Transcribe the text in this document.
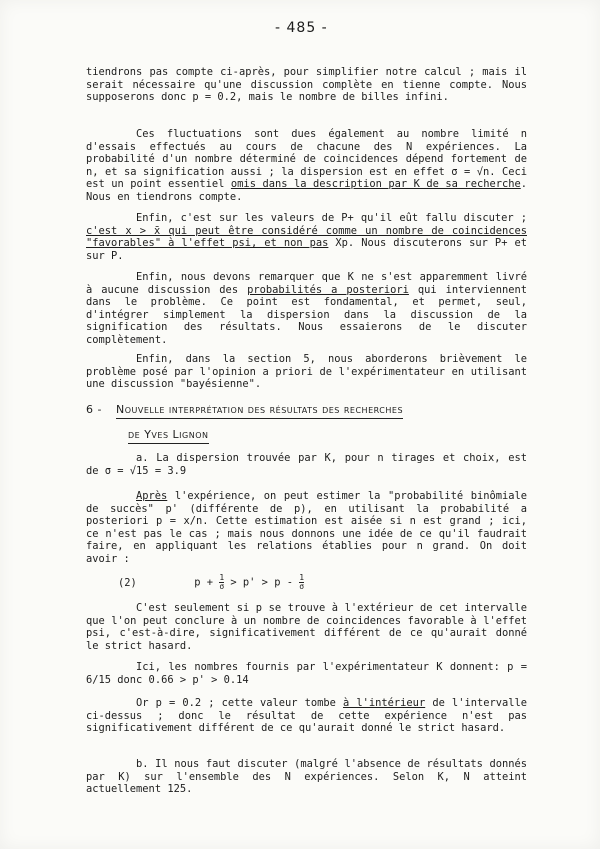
- 485 -
tiendrons pas compte ci-après, pour simplifier notre calcul ; mais il serait nécessaire qu'une discussion complète en tienne compte. Nous supposerons donc p = 0.2, mais le nombre de billes infini.
Ces fluctuations sont dues également au nombre limité n d'essais effectués au cours de chacune des N expériences. La probabilité d'un nombre déterminé de coincidences dépend fortement de n, et sa signification aussi ; la dispersion est en effet σ = √n. Ceci est un point essentiel omis dans la description par K de sa recherche. Nous en tiendrons compte.
Enfin, c'est sur les valeurs de P+ qu'il eût fallu discuter ; c'est x > x̄ qui peut être considéré comme un nombre de coincidences "favorables" à l'effet psi, et non pas Xp. Nous discuterons sur P+ et sur P.
Enfin, nous devons remarquer que K ne s'est apparemment livré à aucune discussion des probabilités a posteriori qui interviennent dans le problème. Ce point est fondamental, et permet, seul, d'intégrer simplement la dispersion dans la discussion de la signification des résultats. Nous essaierons de le discuter complètement.
Enfin, dans la section 5, nous aborderons brièvement le problème posé par l'opinion a priori de l'expérimentateur en utilisant une discussion "bayésienne".
6 - Nouvelle interprétation des résultats des recherches
de Yves Lignon
a. La dispersion trouvée par K, pour n tirages et choix, est de σ = √15 = 3.9
Après l'expérience, on peut estimer la "probabilité binômiale de succès" p' (différente de p), en utilisant la probabilité a posteriori p = x/n. Cette estimation est aisée si n est grand ; ici, ce n'est pas le cas ; mais nous donnons une idée de ce qu'il faudrait faire, en appliquant les relations établies pour n grand. On doit avoir :
(2)	$p + \frac{1}{\sigma} > p' > p - \frac{1}{\sigma}$
C'est seulement si p se trouve à l'extérieur de cet intervalle que l'on peut conclure à un nombre de coincidences favorable à l'effet psi, c'est-à-dire, significativement différent de ce qu'aurait donné le strict hasard.
Ici, les nombres fournis par l'expérimentateur K donnent: p = 6/15 donc 0.66 > p' > 0.14
Or p = 0.2 ; cette valeur tombe à l'intérieur de l'intervalle ci-dessus ; donc le résultat de cette expérience n'est pas significativement différent de ce qu'aurait donné le strict hasard.
b. Il nous faut discuter (malgré l'absence de résultats donnés par K) sur l'ensemble des N expériences. Selon K, N atteint actuellement 125.
